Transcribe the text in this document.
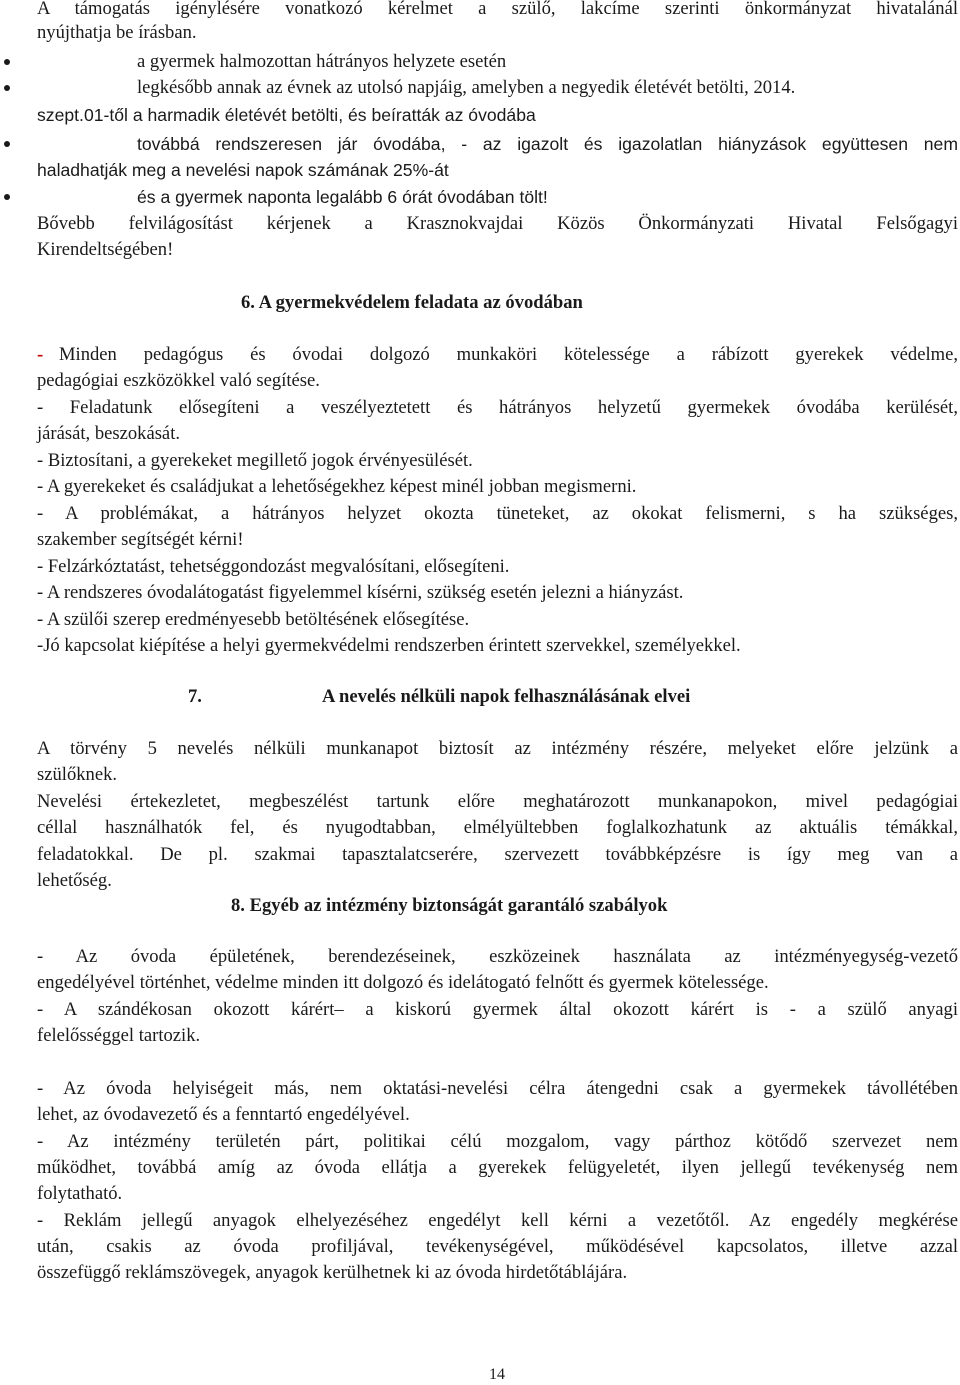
A támogatás igénylésére vonatkozó kérelmet a szülő, lakcíme szerinti önkormányzat hivatalánál
nyújthatja be írásban.
a gyermek halmozottan hátrányos helyzete esetén
legkésőbb annak az évnek az utolsó napjáig, amelyben a negyedik életévét betölti, 2014.
szept.01-től a harmadik életévét betölti, és beíratták az óvodába
továbbá rendszeresen jár óvodába, - az igazolt és igazolatlan hiányzások együttesen nem
haladhatják meg a nevelési napok számának 25%-át
és a gyermek naponta legalább 6 órát óvodában tölt!
Bővebb felvilágosítást kérjenek a Krasznokvajdai Közös Önkormányzati Hivatal Felsőgagyi
Kirendeltségében!
6. A gyermekvédelem feladata az óvodában
- Minden pedagógus és óvodai dolgozó munkaköri kötelessége a rábízott gyerekek védelme,
pedagógiai eszközökkel való segítése.
- Feladatunk elősegíteni a veszélyeztetett és hátrányos helyzetű gyermekek óvodába kerülését,
járását, beszokását.
- Biztosítani, a gyerekeket megillető jogok érvényesülését.
- A gyerekeket és családjukat a lehetőségekhez képest minél jobban megismerni.
- A problémákat, a hátrányos helyzet okozta tüneteket, az okokat felismerni, s ha szükséges,
szakember segítségét kérni!
- Felzárkóztatást, tehetséggondozást megvalósítani, elősegíteni.
- A rendszeres óvodalátogatást figyelemmel kísérni, szükség esetén jelezni a hiányzást.
- A szülői szerep eredményesebb betöltésének elősegítése.
-Jó kapcsolat kiépítése a helyi gyermekvédelmi rendszerben érintett szervekkel, személyekkel.
7.	A nevelés nélküli napok felhasználásának elvei
A törvény 5 nevelés nélküli munkanapot biztosít az intézmény részére, melyeket előre jelzünk a
szülőknek.
Nevelési értekezletet, megbeszélést tartunk előre meghatározott munkanapokon, mivel pedagógiai
céllal használhatók fel, és nyugodtabban, elmélyültebben foglalkozhatunk az aktuális témákkal,
feladatokkal. De pl. szakmai tapasztalatcserére, szervezett továbbképzésre is így meg van a
lehetőség.
8. Egyéb az intézmény biztonságát garantáló szabályok
- Az óvoda épületének, berendezéseinek, eszközeinek használata az intézményegység-vezető
engedélyével történhet, védelme minden itt dolgozó és idelátogató felnőtt és gyermek kötelessége.
- A szándékosan okozott kárért– a kiskorú gyermek által okozott kárért is - a szülő anyagi
felelősséggel tartozik.
- Az óvoda helyiségeit más, nem oktatási-nevelési célra átengedni csak a gyermekek távollétében
lehet, az óvodavezető és a fenntartó engedélyével.
- Az intézmény területén párt, politikai célú mozgalom, vagy párthoz kötődő szervezet nem
működhet, továbbá amíg az óvoda ellátja a gyerekek felügyeletét, ilyen jellegű tevékenység nem
folytatható.
- Reklám jellegű anyagok elhelyezéséhez engedélyt kell kérni a vezetőtől. Az engedély megkérése
után, csakis az óvoda profiljával, tevékenységével, működésével kapcsolatos, illetve azzal
összefüggő reklámszövegek, anyagok kerülhetnek ki az óvoda hirdetőtáblájára.
14
